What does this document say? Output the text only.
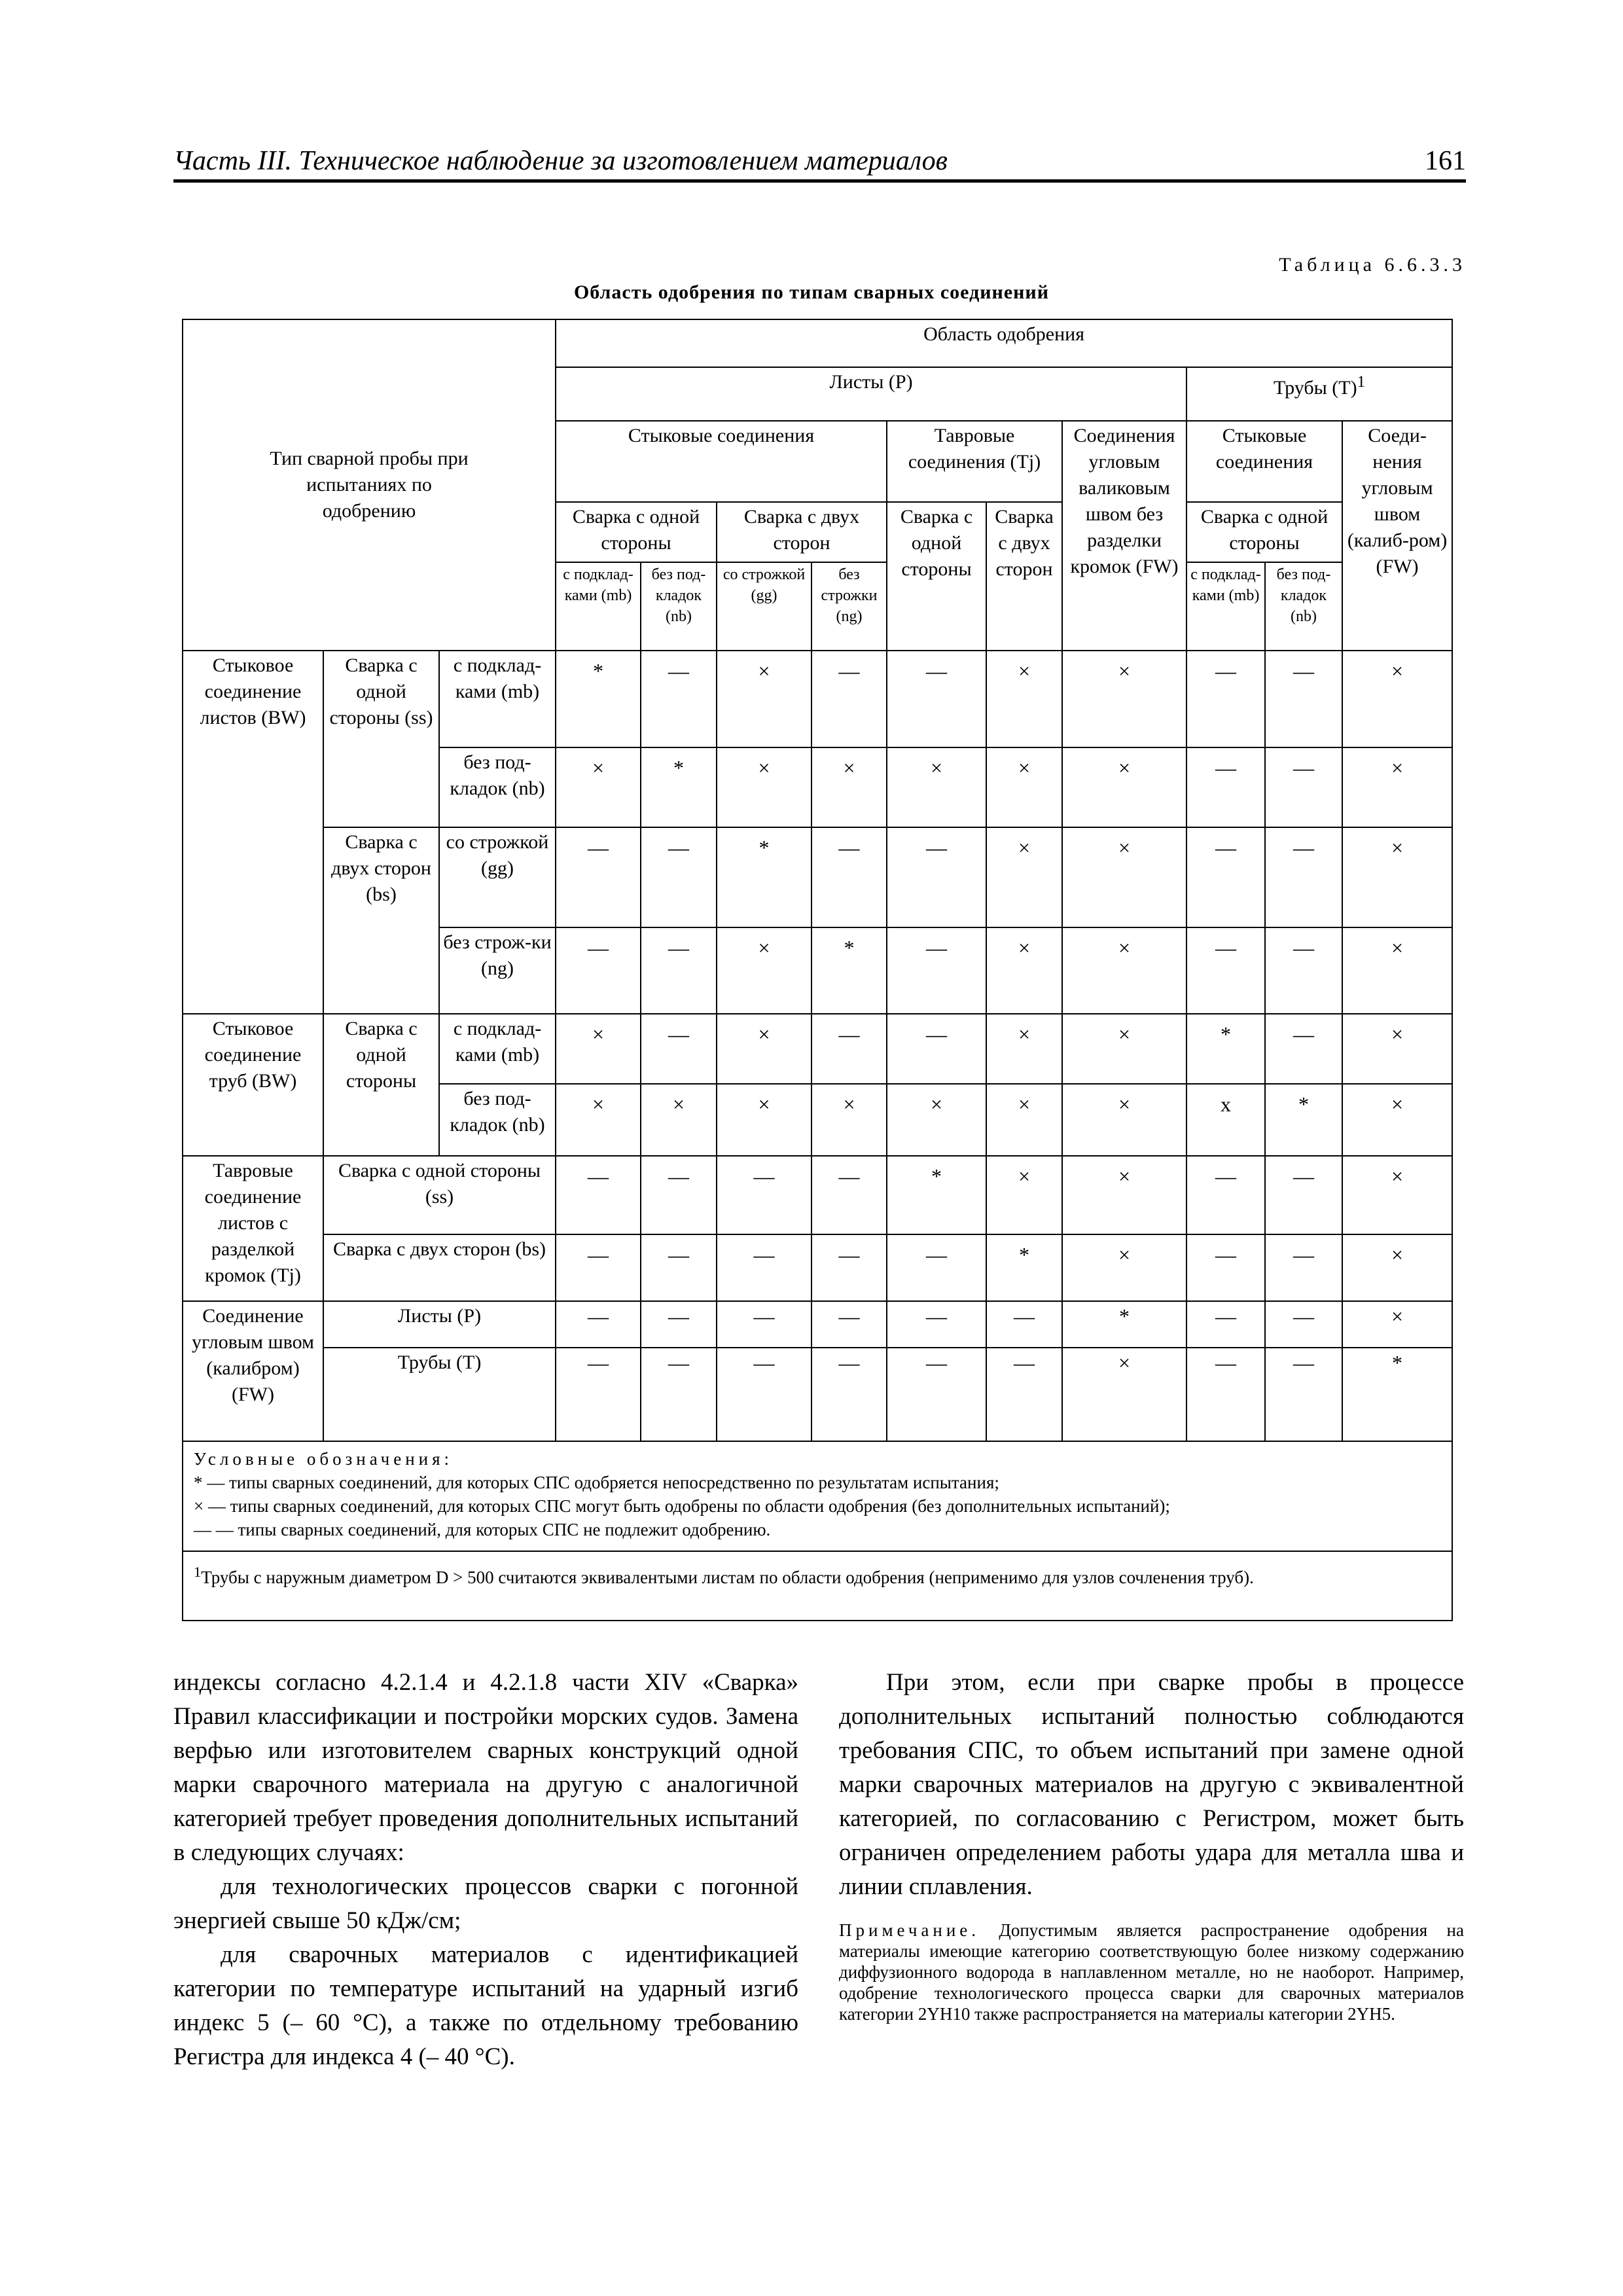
Часть III. Техническое наблюдение за изготовлением материалов	161
Таблица 6.6.3.3
Область одобрения по типам сварных соединений
Тип сварной пробы при испытаниях по одобрению			Область одобрения									
			Листы (P)							Трубы $(T)^1$
			Стыковые соединения				Тавровые соединения (Tj)		Соединения угловым валиковым швом без разделки кромок (FW)	Стыковые соединения		Соеди-нения угловым швом (калиб-ром) (FW)
			Сварка с одной стороны		Сварка с двух сторон		Сварка с одной стороны	Сварка с двух сторон		Сварка с одной стороны		
			с подклад-ками (mb)	без под-кладок (nb)	со строжкой (gg)	без строжки (ng)				с подклад-ками (mb)	без под-кладок (nb)	
Стыковое соединение листов (BW)	Сварка с одной стороны (ss)	с подклад-ками (mb)	*	—	×	—	—	×	×	—	—	×
		без под-кладок (nb)	×	*	×	×	×	×	×	—	—	×
	Сварка с двух сторон (bs)	со строжкой (gg)	—	—	*	—	—	×	×	—	—	×
		без строж-ки (ng)	—	—	×	*	—	×	×	—	—	×
Стыковое соединение труб (BW)	Сварка с одной стороны	с подклад-ками (mb)	×	—	×	—	—	×	×	*	—	×
		без под-кладок (nb)	×	×	×	×	×	×	×	x	*	×
Тавровые соединение листов с разделкой кромок (Tj)	Сварка с одной стороны (ss)		—	—	—	—	*	×	×	—	—	×
	Сварка с двух сторон (bs)		—	—	—	—	—	*	×	—	—	×
Соединение угловым швом (калибром) (FW)	Листы (P)		—	—	—	—	—	—	*	—	—	×
	Трубы (T)		—	—	—	—	—	—	×	—	—	*

Условные обозначения:
* — типы сварных соединений, для которых СПС одобряется непосредственно по результатам испытания;
× — типы сварных соединений, для которых СПС могут быть одобрены по области одобрения (без дополнительных испытаний);
— — типы сварных соединений, для которых СПС не подлежит одобрению.												

$^1$Трубы с наружным диаметром D > 500 считаются эквивалентыми листам по области одобрения (неприменимо для узлов сочленения труб).												

индексы согласно 4.2.1.4 и 4.2.1.8 части XIV «Сварка» Правил классификации и постройки морских судов. Замена верфью или изготовителем сварных конструкций одной марки сварочного материала на другую с аналогичной категорией требует проведения дополнительных испытаний в следующих случаях:

для технологических процессов сварки с погонной энергией свыше 50 кДж/см;

для сварочных материалов с идентификацией категории по температуре испытаний на ударный изгиб индекс 5 (– 60 °C), а также по отдельному требованию Регистра для индекса 4 (– 40 °C).

При этом, если при сварке пробы в процессе дополнительных испытаний полностью соблюдаются требования СПС, то объем испытаний при замене одной марки сварочных материалов на другую с эквивалентной категорией, по согласованию с Регистром, может быть ограничен определением работы удара для металла шва и линии сплавления.

Примечание. Допустимым является распространение одобрения на материалы имеющие категорию соответствующую более низкому содержанию диффузионного водорода в наплавленном металле, но не наоборот. Например, одобрение технологического процесса сварки для сварочных материалов категории 2YH10 также распространяется на материалы категории 2YH5.
